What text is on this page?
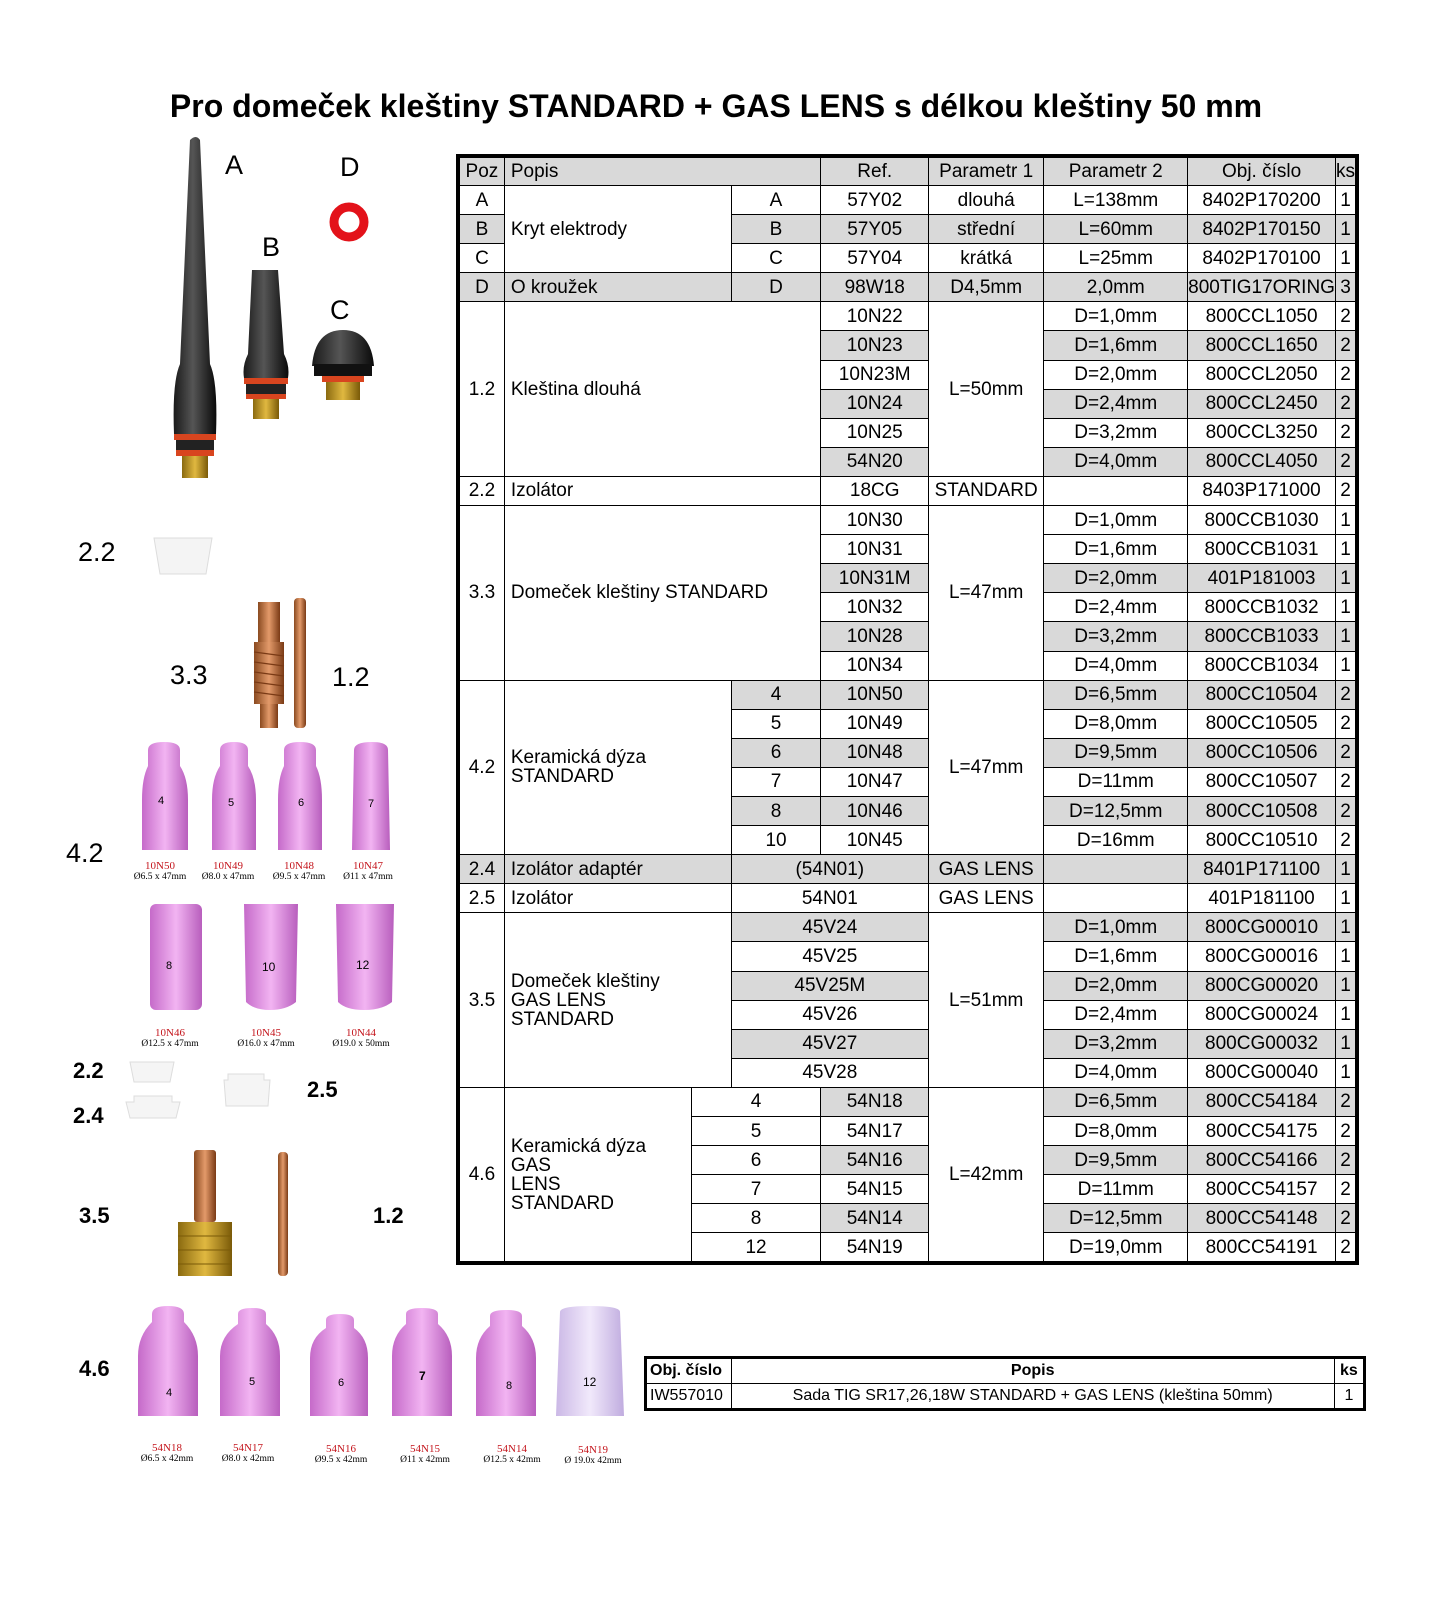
Pro domeček kleštiny STANDARD + GAS LENS s délkou kleštiny 50 mm
A	D
B
C
2.2
3.3	1.2
4.2
4	5	6	7
10N50
Ø6.5 x 47mm
10N49
Ø8.0 x 47mm
10N48
Ø9.5 x 47mm
10N47
Ø11 x 47mm
8	10	12
10N46
Ø12.5 x 47mm
10N45
Ø16.0 x 47mm
10N44
Ø19.0 x 50mm
2.2
2.4
2.5
3.5	1.2
4.6
4
5	6	7
8	12
54N18
Ø6.5 x 42mm
54N17
Ø8.0 x 42mm
54N16
Ø9.5 x 42mm
54N15
Ø11 x 42mm
54N14
Ø12.5 x 42mm
54N19
Ø 19.0x 42mm
Poz	Popis			Ref.	Parametr 1	Parametr 2	Obj. číslo	ks
A	Kryt elektrody		A	57Y02	dlouhá	L=138mm	8402P170200	1
B			B	57Y05	střední	L=60mm	8402P170150	1
C			C	57Y04	krátká	L=25mm	8402P170100	1
D	O kroužek		D	98W18	D4,5mm	2,0mm	800TIG17ORING	3
1.2	Kleština dlouhá			10N22	L=50mm	D=1,0mm	800CCL1050	2
				10N23		D=1,6mm	800CCL1650	2
				10N23M		D=2,0mm	800CCL2050	2
				10N24		D=2,4mm	800CCL2450	2
				10N25		D=3,2mm	800CCL3250	2
				54N20		D=4,0mm	800CCL4050	2
2.2	Izolátor			18CG	STANDARD		8403P171000	2
3.3	Domeček kleštiny STANDARD			10N30	L=47mm	D=1,0mm	800CCB1030	1
				10N31		D=1,6mm	800CCB1031	1
				10N31M		D=2,0mm	401P181003	1
				10N32		D=2,4mm	800CCB1032	1
				10N28		D=3,2mm	800CCB1033	1
				10N34		D=4,0mm	800CCB1034	1
4.2	Keramická dýza STANDARD		4	10N50	L=47mm	D=6,5mm	800CC10504	2
			5	10N49		D=8,0mm	800CC10505	2
			6	10N48		D=9,5mm	800CC10506	2
			7	10N47		D=11mm	800CC10507	2
			8	10N46		D=12,5mm	800CC10508	2
			10	10N45		D=16mm	800CC10510	2
2.4	Izolátor adaptér		(54N01)		GAS LENS		8401P171100	1
2.5	Izolátor		54N01		GAS LENS		401P181100	1
3.5	Domeček kleštiny
GAS LENS
STANDARD		45V24		L=51mm	D=1,0mm	800CG00010	1
			45V25			D=1,6mm	800CG00016	1
			45V25M			D=2,0mm	800CG00020	1
			45V26			D=2,4mm	800CG00024	1
			45V27			D=3,2mm	800CG00032	1
			45V28			D=4,0mm	800CG00040	1
4.6	Keramická dýza GAS
LENS
STANDARD	4		54N18	L=42mm	D=6,5mm	800CC54184	2
		5		54N17		D=8,0mm	800CC54175	2
		6		54N16		D=9,5mm	800CC54166	2
		7		54N15		D=11mm	800CC54157	2
		8		54N14		D=12,5mm	800CC54148	2
		12		54N19		D=19,0mm	800CC54191	2
Obj. číslo	Popis	ks
IW557010	Sada TIG SR17,26,18W STANDARD + GAS LENS (kleština 50mm)	1
